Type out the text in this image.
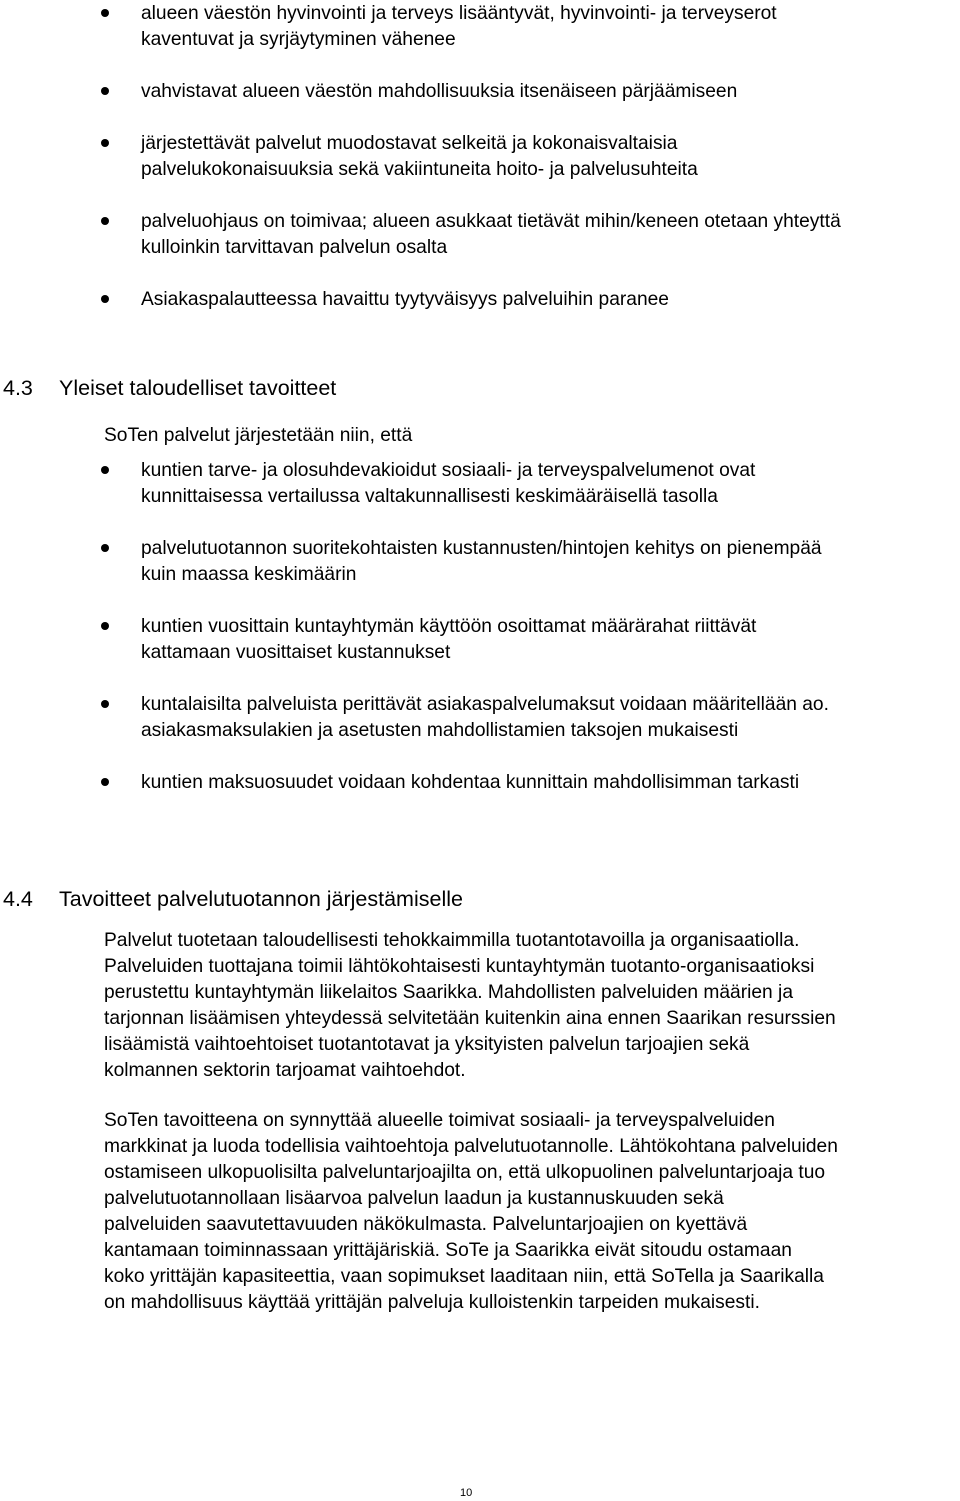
alueen väestön hyvinvointi ja terveys lisääntyvät, hyvinvointi- ja terveyserot
kaventuvat ja syrjäytyminen vähenee
vahvistavat alueen väestön mahdollisuuksia itsenäiseen pärjäämiseen
järjestettävät palvelut muodostavat selkeitä ja kokonaisvaltaisia
palvelukokonaisuuksia sekä vakiintuneita hoito- ja palvelusuhteita
palveluohjaus on toimivaa; alueen asukkaat tietävät mihin/keneen otetaan yhteyttä
kulloinkin tarvittavan palvelun osalta
Asiakaspalautteessa havaittu tyytyväisyys palveluihin paranee
4.3 Yleiset taloudelliset tavoitteet

SoTen palvelut järjestetään niin, että

kuntien tarve- ja olosuhdevakioidut sosiaali- ja terveyspalvelumenot ovat
kunnittaisessa vertailussa valtakunnallisesti keskimääräisellä tasolla
palvelutuotannon suoritekohtaisten kustannusten/hintojen kehitys on pienempää
kuin maassa keskimäärin
kuntien vuosittain kuntayhtymän käyttöön osoittamat määrärahat riittävät
kattamaan vuosittaiset kustannukset
kuntalaisilta palveluista perittävät asiakaspalvelumaksut voidaan määritellään ao.
asiakasmaksulakien ja asetusten mahdollistamien taksojen mukaisesti
kuntien maksuosuudet voidaan kohdentaa kunnittain mahdollisimman tarkasti
4.4 Tavoitteet palvelutuotannon järjestämiselle
Palvelut tuotetaan taloudellisesti tehokkaimmilla tuotantotavoilla ja organisaatiolla.
Palveluiden tuottajana toimii lähtökohtaisesti kuntayhtymän tuotanto-organisaatioksi
perustettu kuntayhtymän liikelaitos Saarikka. Mahdollisten palveluiden määrien ja
tarjonnan lisäämisen yhteydessä selvitetään kuitenkin aina ennen Saarikan resurssien
lisäämistä vaihtoehtoiset tuotantotavat ja yksityisten palvelun tarjoajien sekä
kolmannen sektorin tarjoamat vaihtoehdot.
SoTen tavoitteena on synnyttää alueelle toimivat sosiaali- ja terveyspalveluiden
markkinat ja luoda todellisia vaihtoehtoja palvelutuotannolle. Lähtökohtana palveluiden
ostamiseen ulkopuolisilta palveluntarjoajilta on, että ulkopuolinen palveluntarjoaja tuo
palvelutuotannollaan lisäarvoa palvelun laadun ja kustannuskuuden sekä
palveluiden saavutettavuuden näkökulmasta. Palveluntarjoajien on kyettävä
kantamaan toiminnassaan yrittäjäriskiä. SoTe ja Saarikka eivät sitoudu ostamaan
koko yrittäjän kapasiteettia, vaan sopimukset laaditaan niin, että SoTella ja Saarikalla
on mahdollisuus käyttää yrittäjän palveluja kulloistenkin tarpeiden mukaisesti.
10
